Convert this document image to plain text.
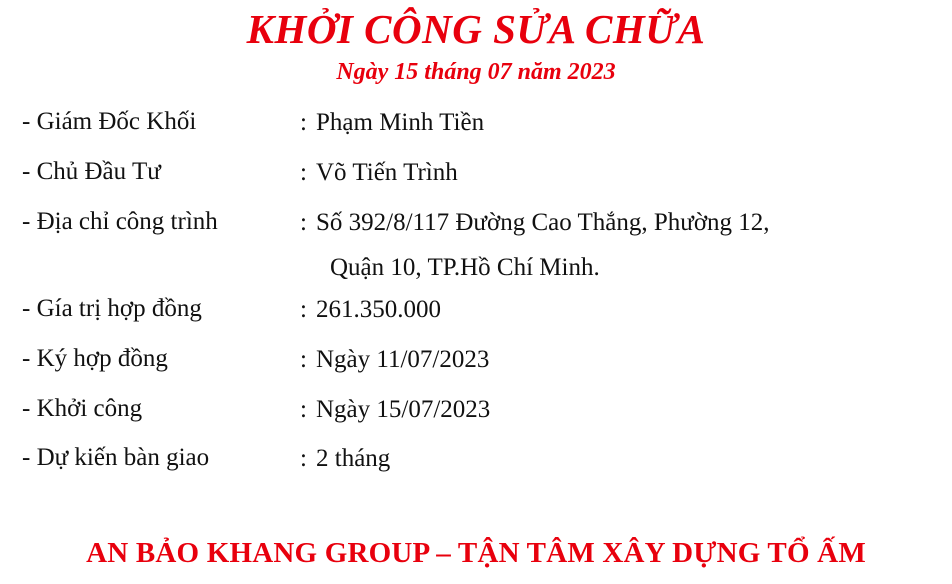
KHỞI CÔNG SỬA CHỮA
Ngày 15 tháng 07 năm 2023
- Giám Đốc Khối	: Phạm Minh Tiền
- Chủ Đầu Tư	: Võ Tiến Trình
- Địa chỉ công trình	: Số 392/8/117 Đường Cao Thắng, Phường 12,
Quận 10, TP.Hồ Chí Minh.
- Gía trị hợp đồng	: 261.350.000
- Ký hợp đồng	: Ngày 11/07/2023
- Khởi công	: Ngày 15/07/2023
- Dự kiến bàn giao	: 2 tháng
AN BẢO KHANG GROUP – TẬN TÂM XÂY DỰNG TỔ ẤM
